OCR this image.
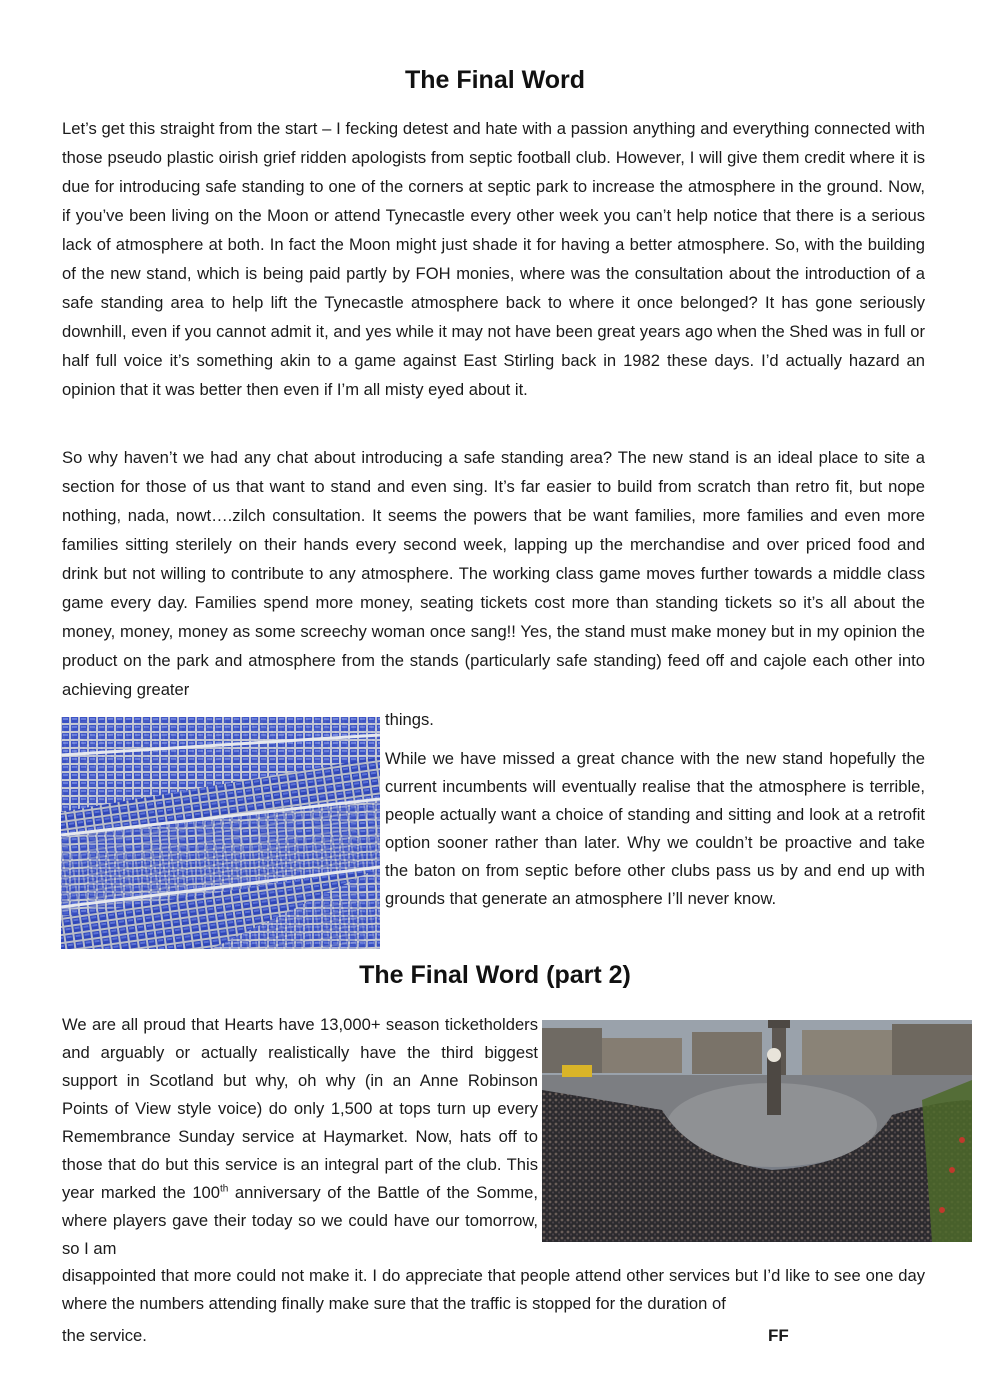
The Final Word

Let’s get this straight from the start – I fecking detest and hate with a passion anything and everything connected with those pseudo plastic oirish grief ridden apologists from septic football club. However, I will give them credit where it is due for introducing safe standing to one of the corners at septic park to increase the atmosphere in the ground. Now, if you’ve been living on the Moon or attend Tynecastle every other week you can’t help notice that there is a serious lack of atmosphere at both. In fact the Moon might just shade it for having a better atmosphere. So, with the building of the new stand, which is being paid partly by FOH monies, where was the consultation about the introduction of a safe standing area to help lift the Tynecastle atmosphere back to where it once belonged? It has gone seriously downhill, even if you cannot admit it, and yes while it may not have been great years ago when the Shed was in full or half full voice it’s something akin to a game against East Stirling back in 1982 these days. I’d actually hazard an opinion that it was better then even if I’m all misty eyed about it.

So why haven’t we had any chat about introducing a safe standing area? The new stand is an ideal place to site a section for those of us that want to stand and even sing. It’s far easier to build from scratch than retro fit, but nope nothing, nada, nowt….zilch consultation. It seems the powers that be want families, more families and even more families sitting sterilely on their hands every second week, lapping up the merchandise and over priced food and drink but not willing to contribute to any atmosphere. The working class game moves further towards a middle class game every day. Families spend more money, seating tickets cost more than standing tickets so it’s all about the money, money, money as some screechy woman once sang!! Yes, the stand must make money but in my opinion the product on the park and atmosphere from the stands (particularly safe standing) feed off and cajole each other into achieving greater

things.

While we have missed a great chance with the new stand hopefully the current incumbents will eventually realise that the atmosphere is terrible, people actually want a choice of standing and sitting and look at a retrofit option sooner rather than later. Why we couldn’t be proactive and take the baton on from septic before other clubs pass us by and end up with grounds that generate an atmosphere I’ll never know.

The Final Word (part 2)

We are all proud that Hearts have 13,000+ season ticketholders and arguably or actually realistically have the third biggest support in Scotland but why, oh why (in an Anne Robinson Points of View style voice) do only 1,500 at tops turn up every Remembrance Sunday service at Haymarket. Now, hats off to those that do but this service is an integral part of the club. This year marked the 100th anniversary of the Battle of the Somme, where players gave their today so we could have our tomorrow, so I am

disappointed that more could not make it. I do appreciate that people attend other services but I’d like to see one day where the numbers attending finally make sure that the traffic is stopped for the duration of

the service.	FF
